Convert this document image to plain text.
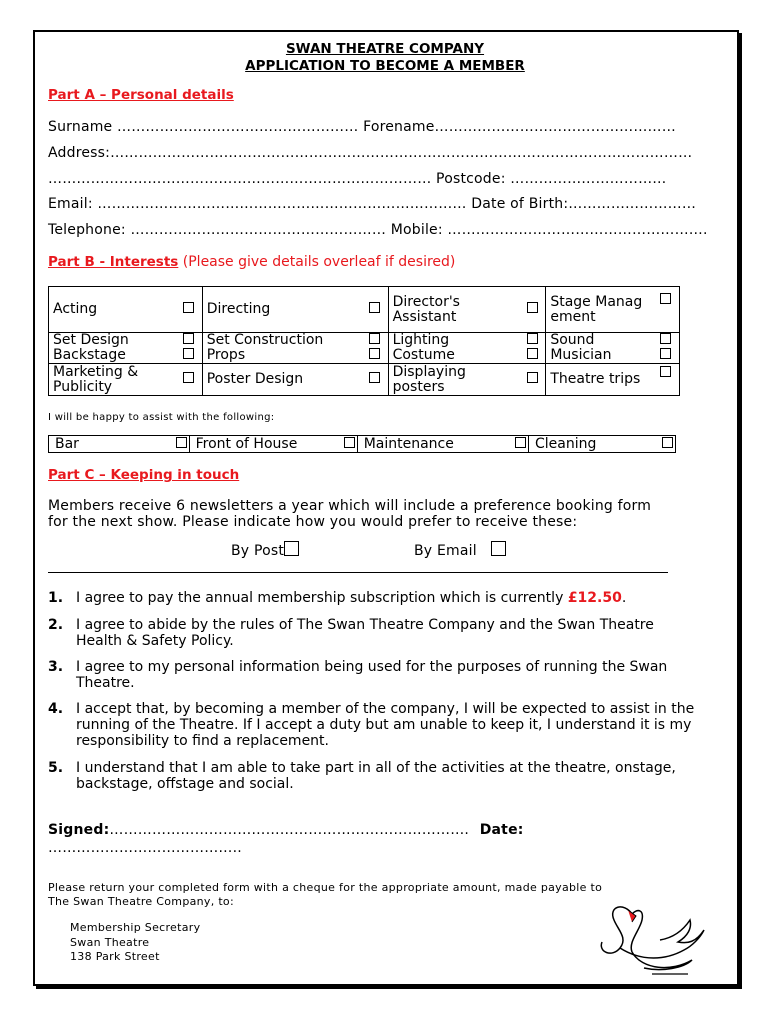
SWAN THEATRE COMPANY
APPLICATION TO BECOME A MEMBER
Part A – Personal details
Surname …………………………………………… Forename……………………………………………
Address:……………………………………………………………………………………………………………
……………………………………………………………………… Postcode: ……………………………
Email: …………………………………………………………………… Date of Birth:………………………
Telephone: ……………………………………………… Mobile: ……………………………………………….
Part B - Interests (Please give details overleaf if desired)
Acting		Directing		Director's Assistant		Stage Management	
Set Design		Set Construction		Lighting		Sound	
Backstage		Props		Costume		Musician	
Marketing & Publicity		Poster Design		Displaying posters		Theatre trips	
I will be happy to assist with the following:
Bar		Front of House		Maintenance		Cleaning	
Part C – Keeping in touch
Members receive 6 newsletters a year which will include a preference booking form
for the next show. Please indicate how you would prefer to receive these:
By Post	By Email
1. I agree to pay the annual membership subscription which is currently £12.50.
2. I agree to abide by the rules of The Swan Theatre Company and the Swan Theatre Health & Safety Policy.
3. I agree to my personal information being used for the purposes of running the Swan Theatre.
4. I accept that, by becoming a member of the company, I will be expected to assist in the running of the Theatre. If I accept a duty but am unable to keep it, I understand it is my responsibility to find a replacement.
5. I understand that I am able to take part in all of the activities at the theatre, onstage, backstage, offstage and social.
Signed:…………………………………………………………………. Date:
…………………………………..
Please return your completed form with a cheque for the appropriate amount, made payable to
The Swan Theatre Company, to:
Membership Secretary
Swan Theatre
138 Park Street
